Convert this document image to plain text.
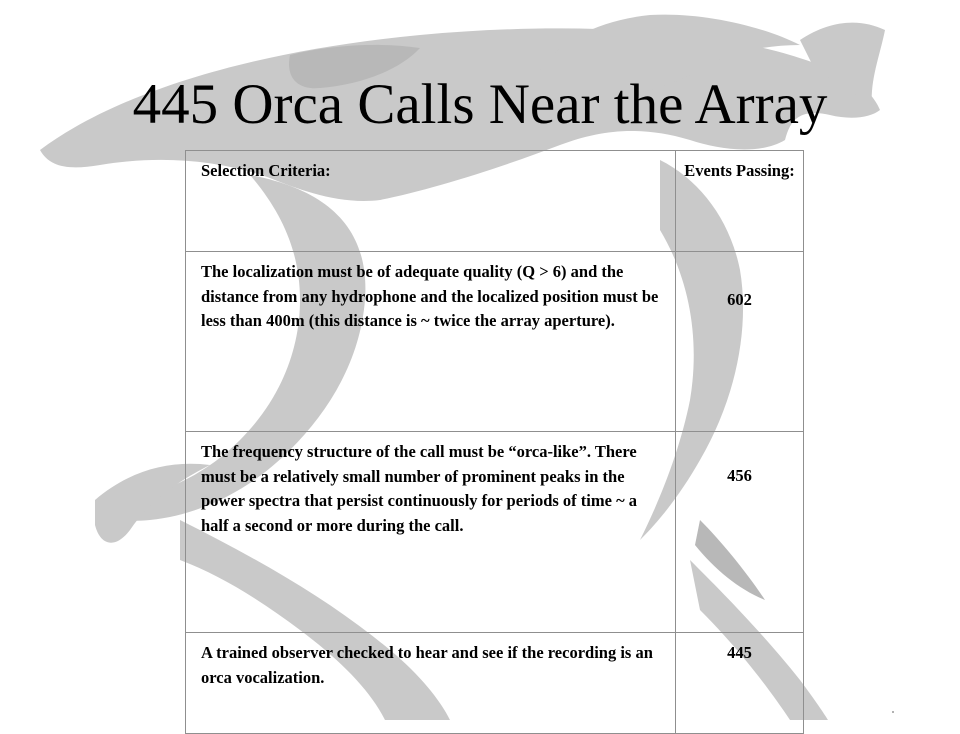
445 Orca Calls Near the Array
Selection Criteria:	Events Passing:
The localization must be of adequate quality (Q > 6) and the distance from any hydrophone and the localized position must be less than 400m (this distance is ~ twice the array aperture).	602
The frequency structure of the call must be “orca-like”. There must be a relatively small number of prominent peaks in the power spectra that persist continuously for periods of time ~ a half a second or more during the call.	456
A trained observer checked to hear and see if the recording is an orca vocalization.	445
